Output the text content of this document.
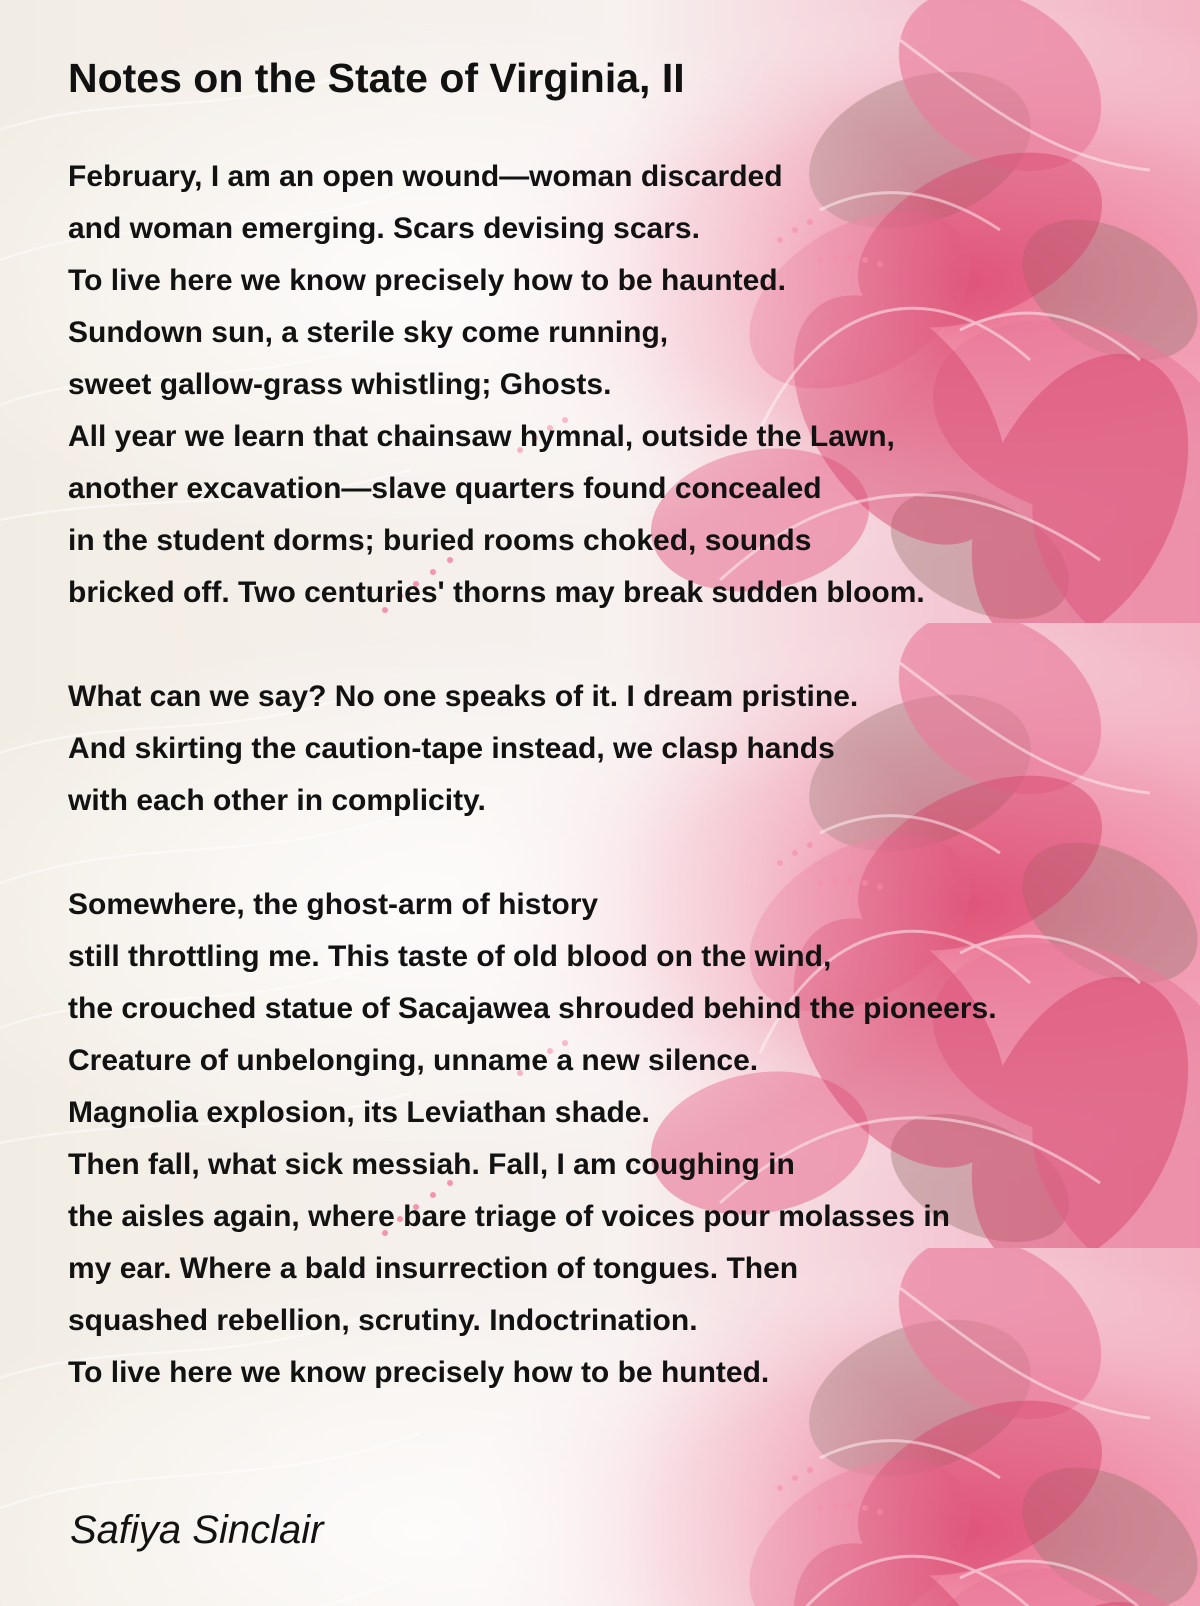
Notes on the State of Virginia, II
February, I am an open wound—woman discarded
and woman emerging. Scars devising scars.
To live here we know precisely how to be haunted.
Sundown sun, a sterile sky come running,
sweet gallow-grass whistling; Ghosts.
All year we learn that chainsaw hymnal, outside the Lawn,
another excavation—slave quarters found concealed
in the student dorms; buried rooms choked, sounds
bricked off. Two centuries' thorns may break sudden bloom.
What can we say? No one speaks of it. I dream pristine.
And skirting the caution-tape instead, we clasp hands
with each other in complicity.
Somewhere, the ghost-arm of history
still throttling me. This taste of old blood on the wind,
the crouched statue of Sacajawea shrouded behind the pioneers.
Creature of unbelonging, unname a new silence.
Magnolia explosion, its Leviathan shade.
Then fall, what sick messiah. Fall, I am coughing in
the aisles again, where bare triage of voices pour molasses in
my ear. Where a bald insurrection of tongues. Then
squashed rebellion, scrutiny. Indoctrination.
To live here we know precisely how to be hunted.
Safiya Sinclair
